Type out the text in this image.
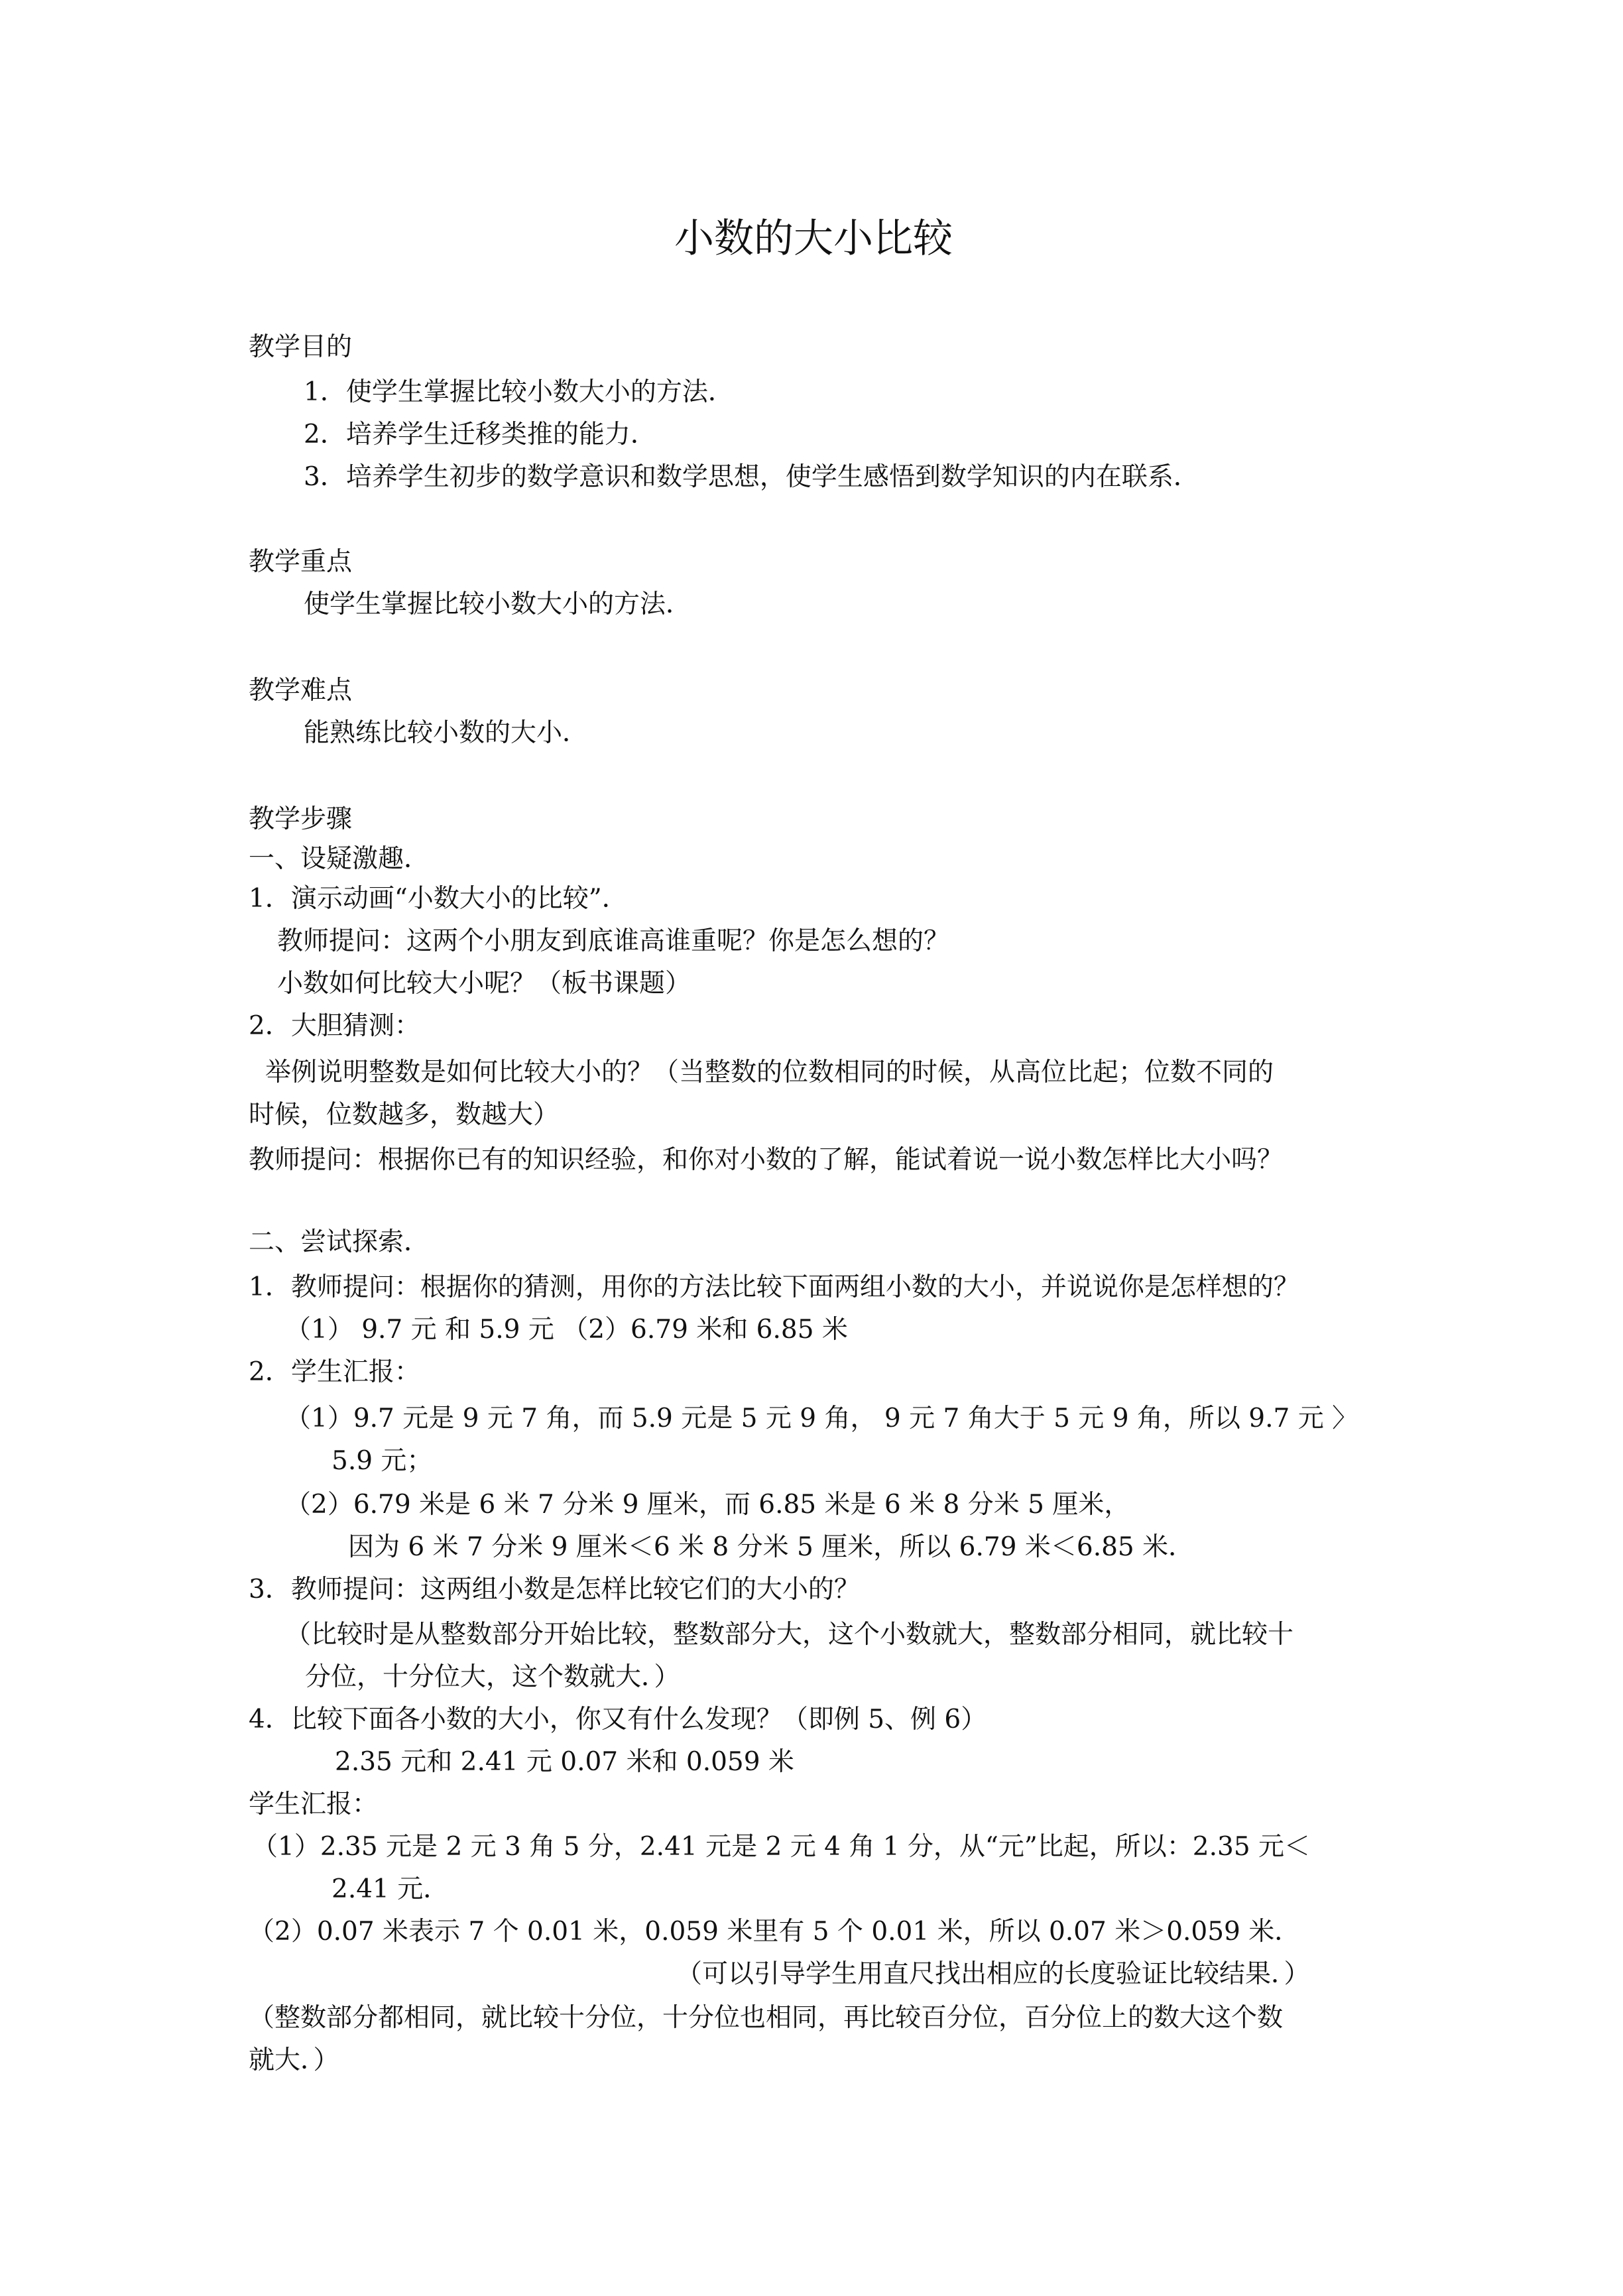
小数的大小比较
教学目的
1．使学生掌握比较小数大小的方法．
2．培养学生迁移类推的能力．
3．培养学生初步的数学意识和数学思想，使学生感悟到数学知识的内在联系．
教学重点
使学生掌握比较小数大小的方法．
教学难点
能熟练比较小数的大小．
教学步骤
一、设疑激趣．
1．演示动画“小数大小的比较”．
教师提问：这两个小朋友到底谁高谁重呢？你是怎么想的？
小数如何比较大小呢？（板书课题）
2．大胆猜测：
举例说明整数是如何比较大小的？（当整数的位数相同的时候，从高位比起；位数不同的
时候，位数越多，数越大）
教师提问：根据你已有的知识经验，和你对小数的了解，能试着说一说小数怎样比大小吗？
二、尝试探索．
1．教师提问：根据你的猜测，用你的方法比较下面两组小数的大小，并说说你是怎样想的？
（1） 9.7 元 和 5.9 元 （2）6.79 米和 6.85 米
2．学生汇报：
（1）9.7 元是 9 元 7 角，而 5.9 元是 5 元 9 角， 9 元 7 角大于 5 元 9 角，所以 9.7 元 〉
5.9 元；
（2）6.79 米是 6 米 7 分米 9 厘米，而 6.85 米是 6 米 8 分米 5 厘米，
因为 6 米 7 分米 9 厘米＜6 米 8 分米 5 厘米，所以 6.79 米＜6.85 米．
3．教师提问：这两组小数是怎样比较它们的大小的？
（比较时是从整数部分开始比较，整数部分大，这个小数就大，整数部分相同，就比较十
分位，十分位大，这个数就大．）
4．比较下面各小数的大小，你又有什么发现？（即例 5、例 6）
2.35 元和 2.41 元 0.07 米和 0.059 米
学生汇报：
（1）2.35 元是 2 元 3 角 5 分，2.41 元是 2 元 4 角 1 分，从“元”比起，所以：2.35 元＜
2.41 元．
（2）0.07 米表示 7 个 0.01 米，0.059 米里有 5 个 0.01 米，所以 0.07 米＞0.059 米．
（可以引导学生用直尺找出相应的长度验证比较结果．）
（整数部分都相同，就比较十分位，十分位也相同，再比较百分位，百分位上的数大这个数
就大．）
